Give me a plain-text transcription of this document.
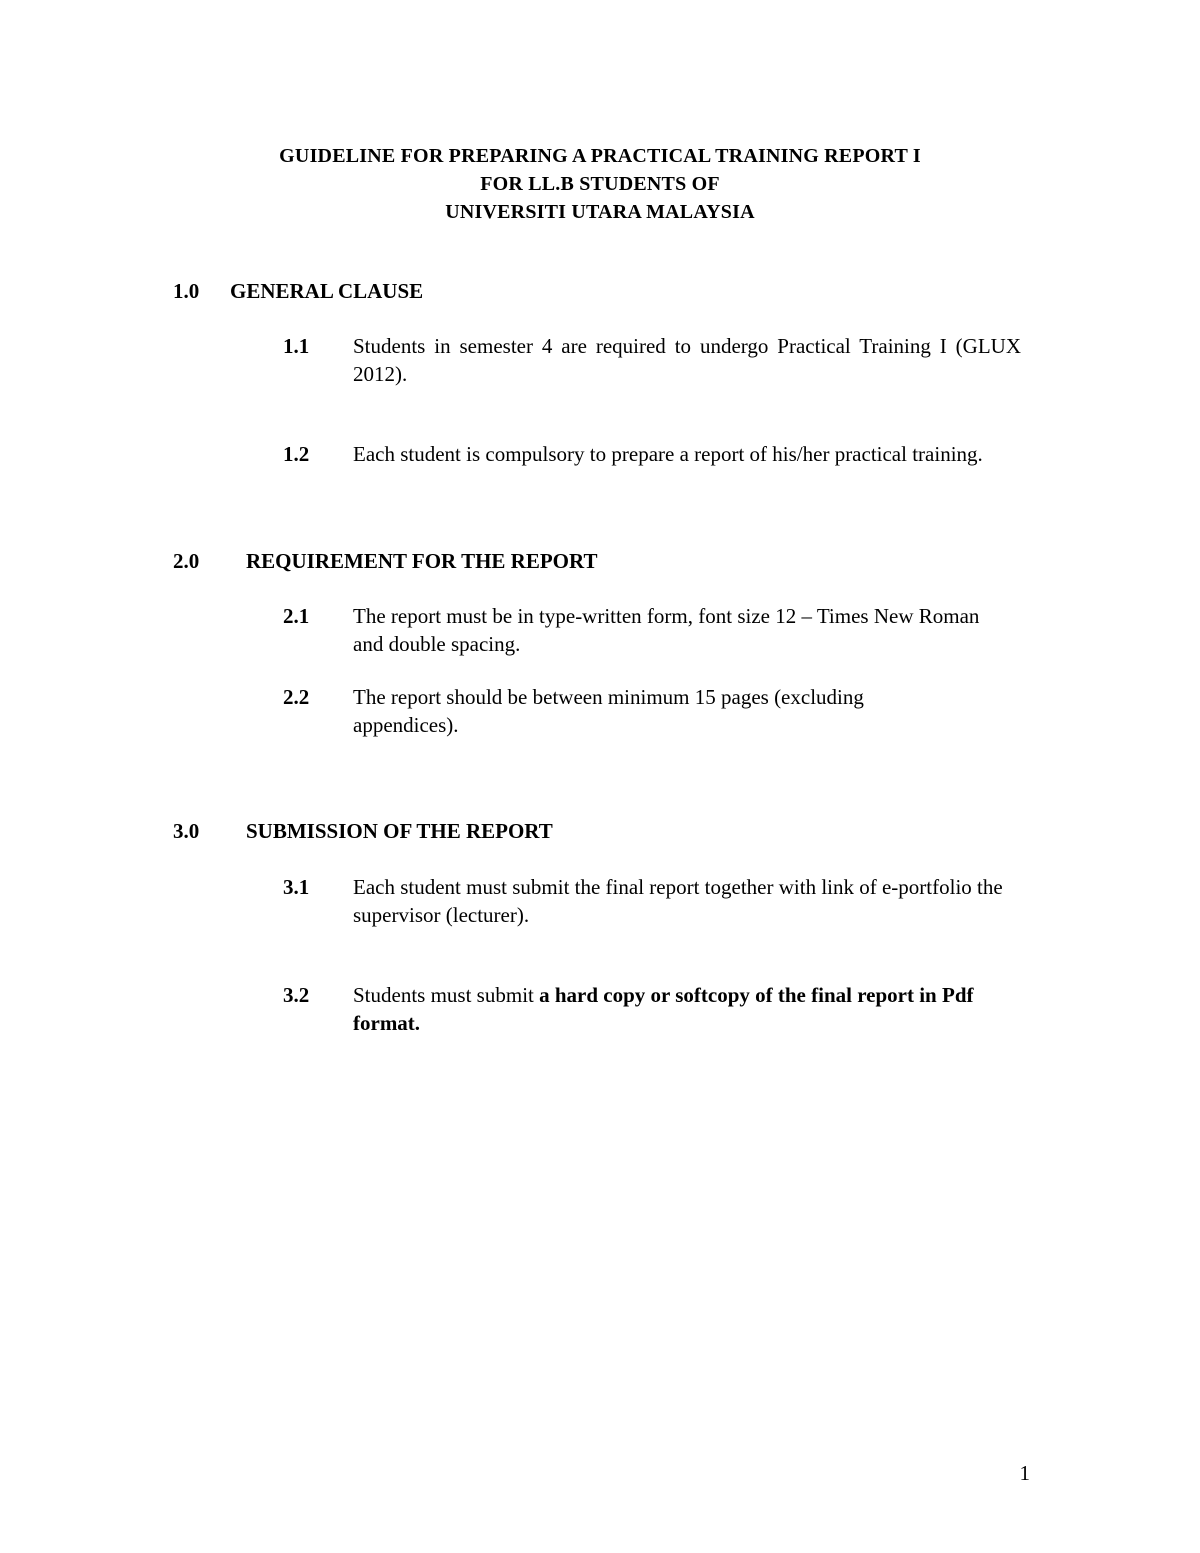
GUIDELINE FOR PREPARING A PRACTICAL TRAINING REPORT I
FOR LL.B STUDENTS OF
UNIVERSITI UTARA MALAYSIA
1.0 GENERAL CLAUSE
1.1 Students in semester 4 are required to undergo Practical Training I (GLUX 2012).
1.2 Each student is compulsory to prepare a report of his/her practical training.
2.0 REQUIREMENT FOR THE REPORT
2.1 The report must be in type-written form, font size 12 – Times New Roman and double spacing.
2.2 The report should be between minimum 15 pages (excluding appendices).
3.0 SUBMISSION OF THE REPORT
3.1 Each student must submit the final report together with link of e-portfolio the supervisor (lecturer).
3.2 Students must submit a hard copy or softcopy of the final report in Pdf format.
1
